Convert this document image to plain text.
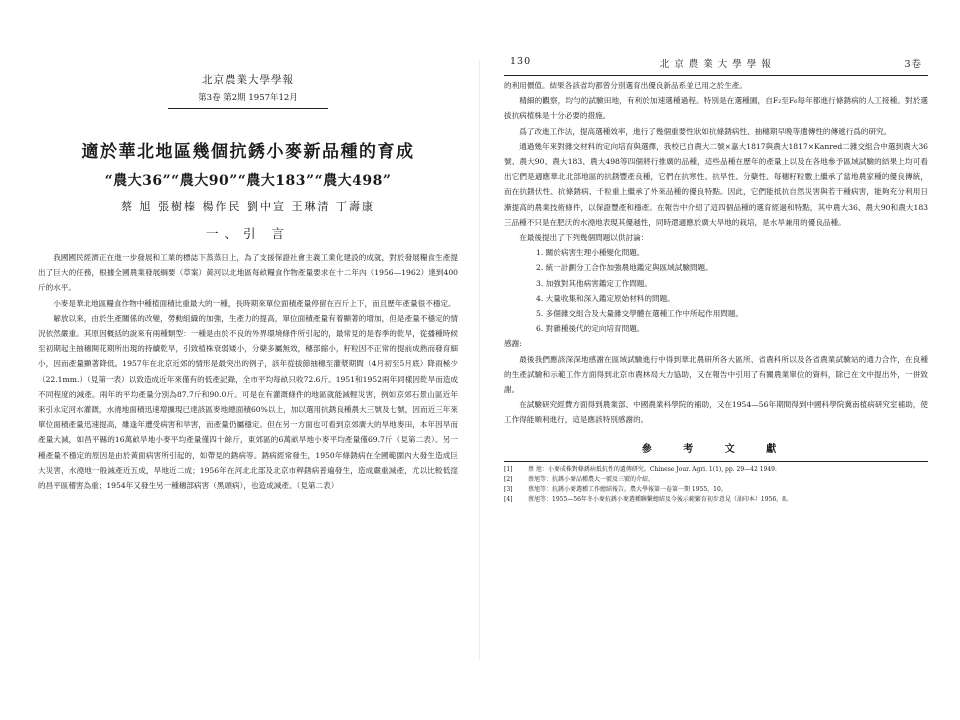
北京農業大學學報
第3卷 第2期 1957年12月
適於華北地區幾個抗銹小麥新品種的育成
“農大36”“農大90”“農大183”“農大498”
蔡 旭 張樹榛 楊作民 劉中宣 王琳清 丁壽康
一、引 言

我國國民經濟正在進一步發展和工業的標誌下蒸蒸日上，為了支援保證社會主義工業化建設的成就，對於發展糧食生產提出了巨大的任務，根據全國農業發展綱要（草案）黃河以北地區每畝糧食作物產量要求在十二年內（1956—1962）達到400斤的水平。

小麥是華北地區糧食作物中種植面積比重最大的一種，長時期來單位面積產量停留在百斤上下，而且歷年產量很不穩定。

解放以來，由於生產關係的改變，勞動組織的加強，生產力的提高，單位面積產量有着顯著的增加，但是產量不穩定的情況依然嚴重。其原因概括的說來有兩種類型：一種是由於不良的外界環境條件所引起的，最常見的是春季的乾旱，從播種時候至初期起主抽穗開花期所出現的持續乾旱，引致植株衰弱矮小，分蘖多屬無效，穗部縮小，籽粒因不正常的提前成熟而發育細小，因而產量顯著降低。1957年在北京近郊的情形是最突出的例子，該年從拔節抽穗至灌漿期間（4月初至5月底）降雨極少（22.1mm.）（見第一表）以致造成近年來僅有的低產記錄，全市平均每畝只收72.6斤。1951和1952兩年同樣因乾旱而造成不同程度的減產。兩年的平均產量分別為87.7斤和90.0斤。可是在有灌溉條件的地區就能減輕災害，例如京郊石景山區近年來引永定河水灌溉，水澆地面積迅速增擴現已達該區麥地總面積60%以上，加以選用抗銹良種農大三號及七號，因而近三年來單位面積產量迅速提高，雖逢年遭受病害和旱害，而產量仍屬穩定。但在另一方面也可看到京郊廣大的旱地麥田，本年因旱而產量大減，如昌平縣的16萬畝旱地小麥平均產量僅四十餘斤，東郊區的6萬畝旱地小麥平均產量僅69.7斤（見第二表）。另一種產量不穩定的原因是由於黃面病害所引起的，如帶見的銹病等。銹病經常發生，1950年條銹病在全國範圍內大發生造成巨大災害，水澆地一般減產近五成，旱地近二成；1956年在河北北部及北京市稈銹病普遍發生，造成嚴重減產，尤以比較低窪的昌平區稽害為重；1954年又發生另一種穗部病害（黑頭病），也造成減產。（見第二表）

130	北京農業大學學報	3卷

的利用價值。結果各該省均都曾分別選育出優良新品系並已用之於生產。

精細的觀察，均勻的試驗田地，有利於加速選種過程。特別是在選種圃，自F₂至F₆每年都進行條銹病的人工接種。對於選拔抗病植株是十分必要的措施。

爲了改進工作法，提高選種效率，進行了幾個重要性狀如抗條銹病性、抽穗期早晚等遺傳性的傳遞行爲的研究。

通過幾年來對雜交材料的定向培育與選擇，我校已自農大二號×嘉大1817與農大1817×Kanred二雜交組合中選到農大36號、農大90、農大183、農大498等四個將行推廣的品種，這些品種在歷年的產量上以及在各地參予區域試驗的結果上均可看出它們是適應華北北部地區的抗銹豐產良種，它們在抗寒性、抗旱性、分蘖性、每穗籽粒數上繼承了當地農家種的優良傳統，而在抗銹伏性、抗條銹病、千粒重上繼承了外來品種的優良特點。因此，它們能抵抗自然災害與若干種病害，能夠充分利用日漸提高的農業技術條件，以保證豐產和穩產。在報告中介紹了這四個品種的選育經過和特點，其中農大36、農大90和農大183三品種不只是在肥沃的水澆地表現其優越性，同時還適應於廣大旱地的栽培，是水旱兼用的優良品種。

在最後提出了下列幾個問題以供討論：

1. 關於病害生理小種變化問題。
2. 統一計劃分工合作加強農地鑑定與區域試驗問題。
3. 加強對其他病害鑑定工作問題。
4. 大量收集和深入鑑定原始材料的問題。
5. 多個雜交組合及大量雜交學體在選種工作中所起作用問題。
6. 對雜種後代的定向培育問題。

感謝:

最後我們應該深深地感謝在區域試驗進行中得到華北農研所各大區所、省農科所以及各省農業試驗站的通力合作，在良種的生產試驗和示範工作方面得到北京市農林局大力協助，又在報告中引用了有關農業單位的資料，除已在文中提出外，一併致謝。

在試驗研究經費方面得到農業部、中國農業科學院的補助，又在1954—56年期間得到中國科學院冀南植病研究室補助，使工作得能順利進行，這是應該特別感謝的。

參 考 文 獻
[1]	蔡 旭：小麥成株對條銹病抵抗性的遺傳研究。Chinese Jour. Agri. 1(1), pp. 29—42 1949.
[2]	蔡旭等：抗銹小麥品種農大一號及三號的介紹。
[3]	蔡旭等：抗銹小麥選種工作總結報告。農大學報第一卷第一期 1955，10。
[4]	蔡旭等：1955—56年冬小麥抗銹小麥選種聯繫總結及今後示範繁育初步意見（油印本）1956，8。
